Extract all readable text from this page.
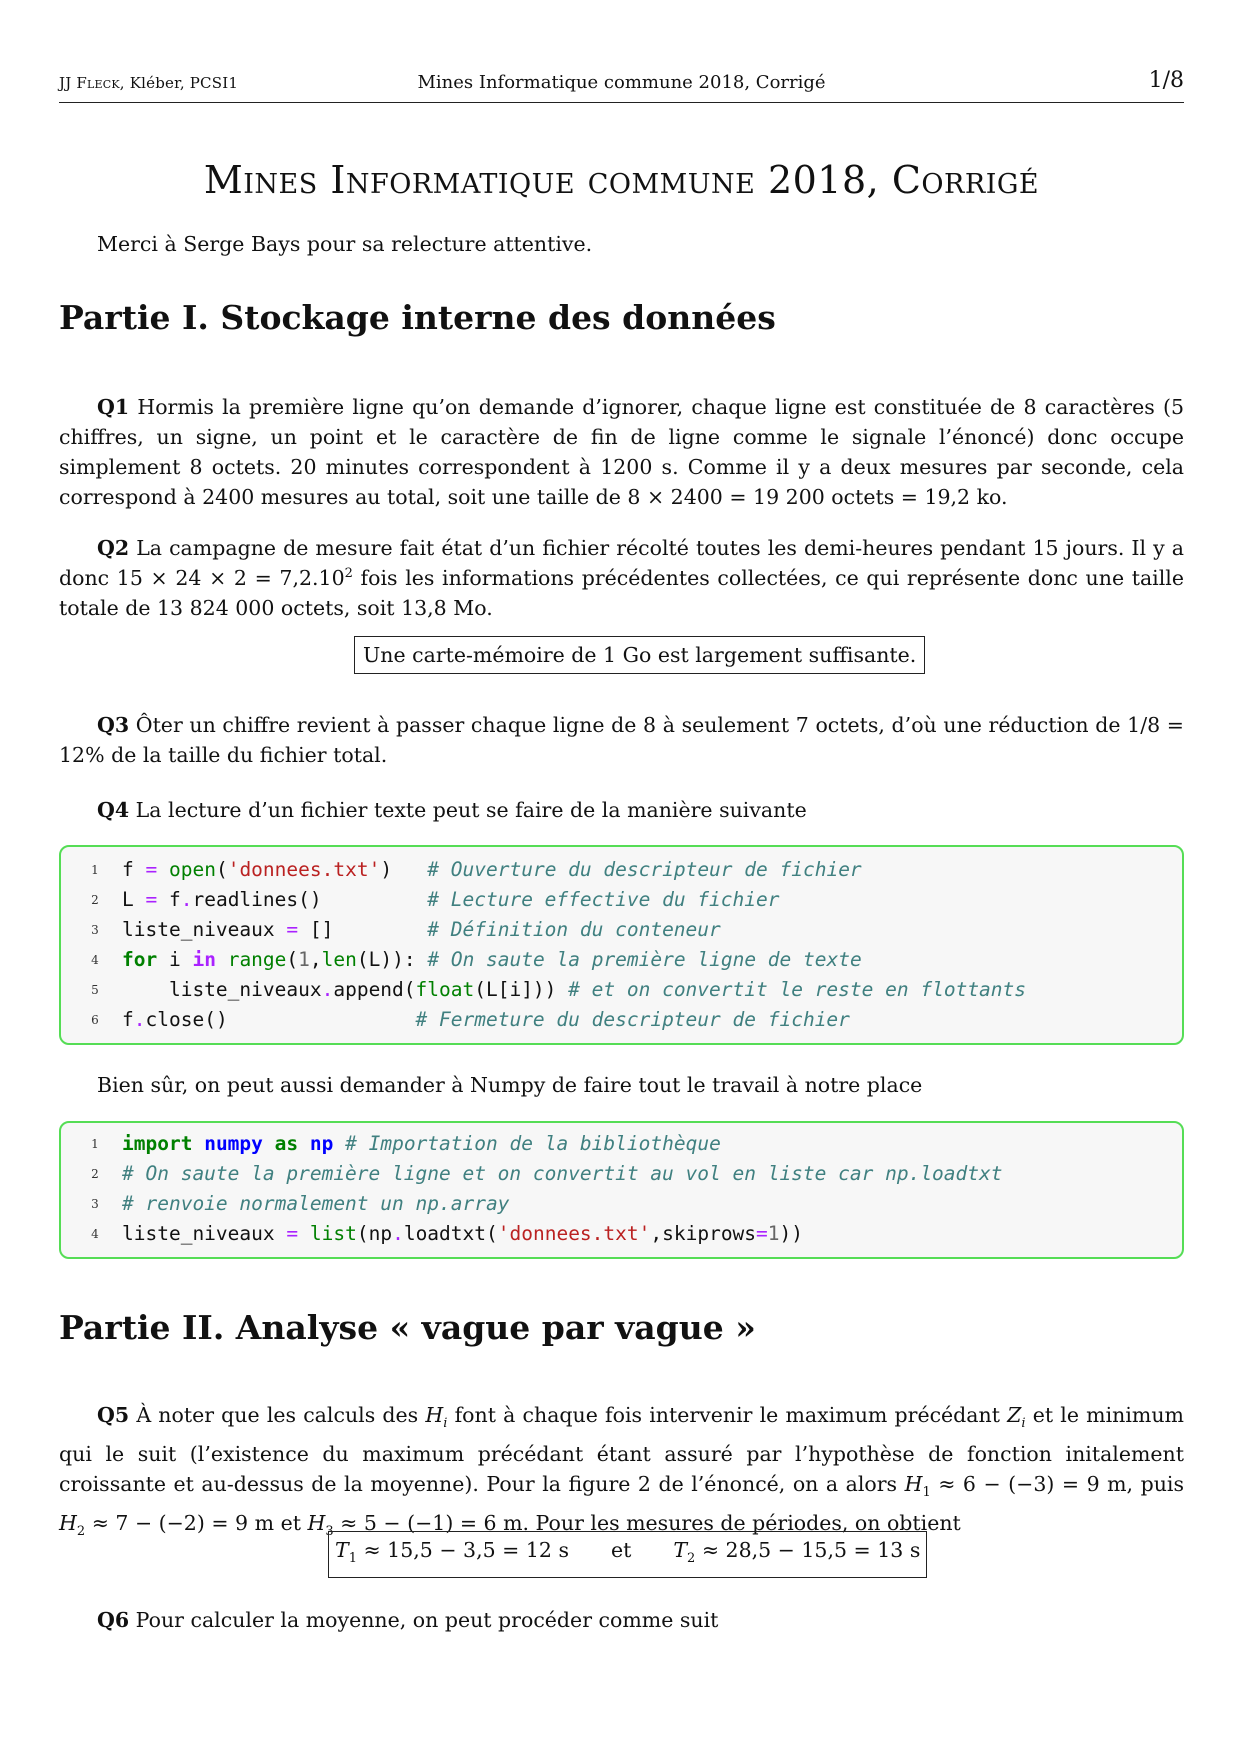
JJ Fleck, Kléber, PCSI1	Mines Informatique commune 2018, Corrigé	1/8
Mines Informatique commune 2018, Corrigé
Merci à Serge Bays pour sa relecture attentive.
Partie I. Stockage interne des données
Q1 Hormis la première ligne qu’on demande d’ignorer, chaque ligne est constituée de 8 caractères (5 chiffres, un signe, un point et le caractère de fin de ligne comme le signale l’énoncé) donc occupe simplement 8 octets. 20 minutes correspondent à 1200 s. Comme il y a deux mesures par seconde, cela correspond à 2400 mesures au total, soit une taille de 8 × 2400 = 19 200 octets = 19,2 ko.
Q2 La campagne de mesure fait état d’un fichier récolté toutes les demi-heures pendant 15 jours. Il y a donc $15 \times 24 \times 2 = 7,2.10^2$ fois les informations précédentes collectées, ce qui représente donc une taille totale de 13 824 000 octets, soit 13,8 Mo.
Une carte-mémoire de 1 Go est largement suffisante.
Q3 Ôter un chiffre revient à passer chaque ligne de 8 à seulement 7 octets, d’où une réduction de 1/8 = 12% de la taille du fichier total.
Q4 La lecture d’un fichier texte peut se faire de la manière suivante
1	f = open('donnees.txt')   # Ouverture du descripteur de fichier
2	L = f.readlines()         # Lecture effective du fichier
3	liste_niveaux = []        # Définition du conteneur
4	for i in range(1,len(L)): # On saute la première ligne de texte
5	liste_niveaux.append(float(L[i])) # et on convertit le reste en flottants
6	f.close()                # Fermeture du descripteur de fichier
Bien sûr, on peut aussi demander à Numpy de faire tout le travail à notre place
1	import numpy as np # Importation de la bibliothèque
2	# On saute la première ligne et on convertit au vol en liste car np.loadtxt
3	# renvoie normalement un np.array
4	liste_niveaux = list(np.loadtxt('donnees.txt',skiprows=1))
Partie II. Analyse « vague par vague »
Q5 À noter que les calculs des $H_i$ font à chaque fois intervenir le maximum précédant $Z_i$ et le minimum qui le suit (l’existence du maximum précédant étant assuré par l’hypothèse de fonction initalement croissante et au-dessus de la moyenne). Pour la figure 2 de l’énoncé, on a alors $H_1 \approx 6 - (-3) = 9$ m, puis $H_2 \approx 7 - (-2) = 9$ m et $H_3 \approx 5 - (-1) = 6$ m. Pour les mesures de périodes, on obtient
$T_1 \approx 15,5 - 3,5 = 12$ s et $T_2 \approx 28,5 - 15,5 = 13$ s
Q6 Pour calculer la moyenne, on peut procéder comme suit
